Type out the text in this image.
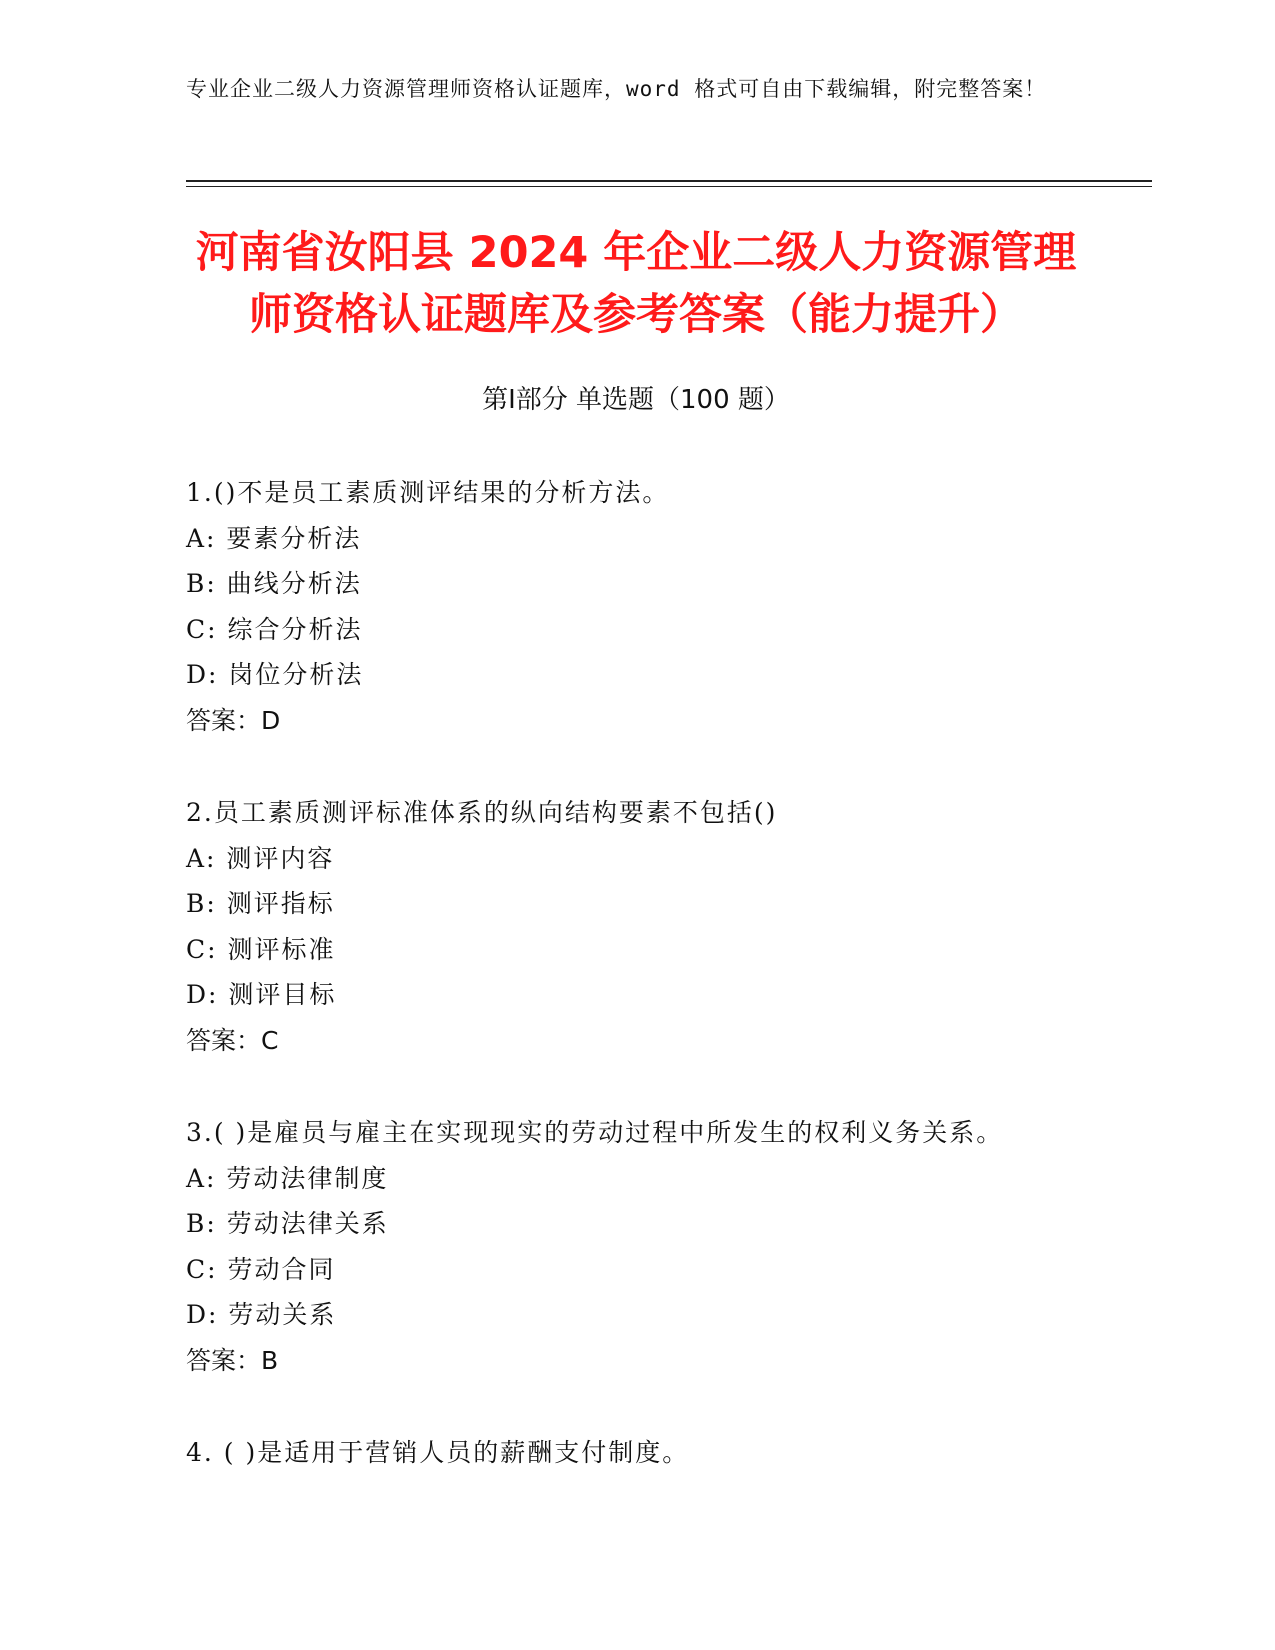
专业企业二级人力资源管理师资格认证题库，word 格式可自由下载编辑，附完整答案！
河南省汝阳县 2024 年企业二级人力资源管理师资格认证题库及参考答案（能力提升）
第Ⅰ部分 单选题（100 题）
1.()不是员工素质测评结果的分析方法。
A: 要素分析法
B: 曲线分析法
C: 综合分析法
D: 岗位分析法
答案：D
2.员工素质测评标准体系的纵向结构要素不包括()
A: 测评内容
B: 测评指标
C: 测评标准
D: 测评目标
答案：C
3.( )是雇员与雇主在实现现实的劳动过程中所发生的权利义务关系。
A: 劳动法律制度
B: 劳动法律关系
C: 劳动合同
D: 劳动关系
答案：B
4. ( )是适用于营销人员的薪酬支付制度。
